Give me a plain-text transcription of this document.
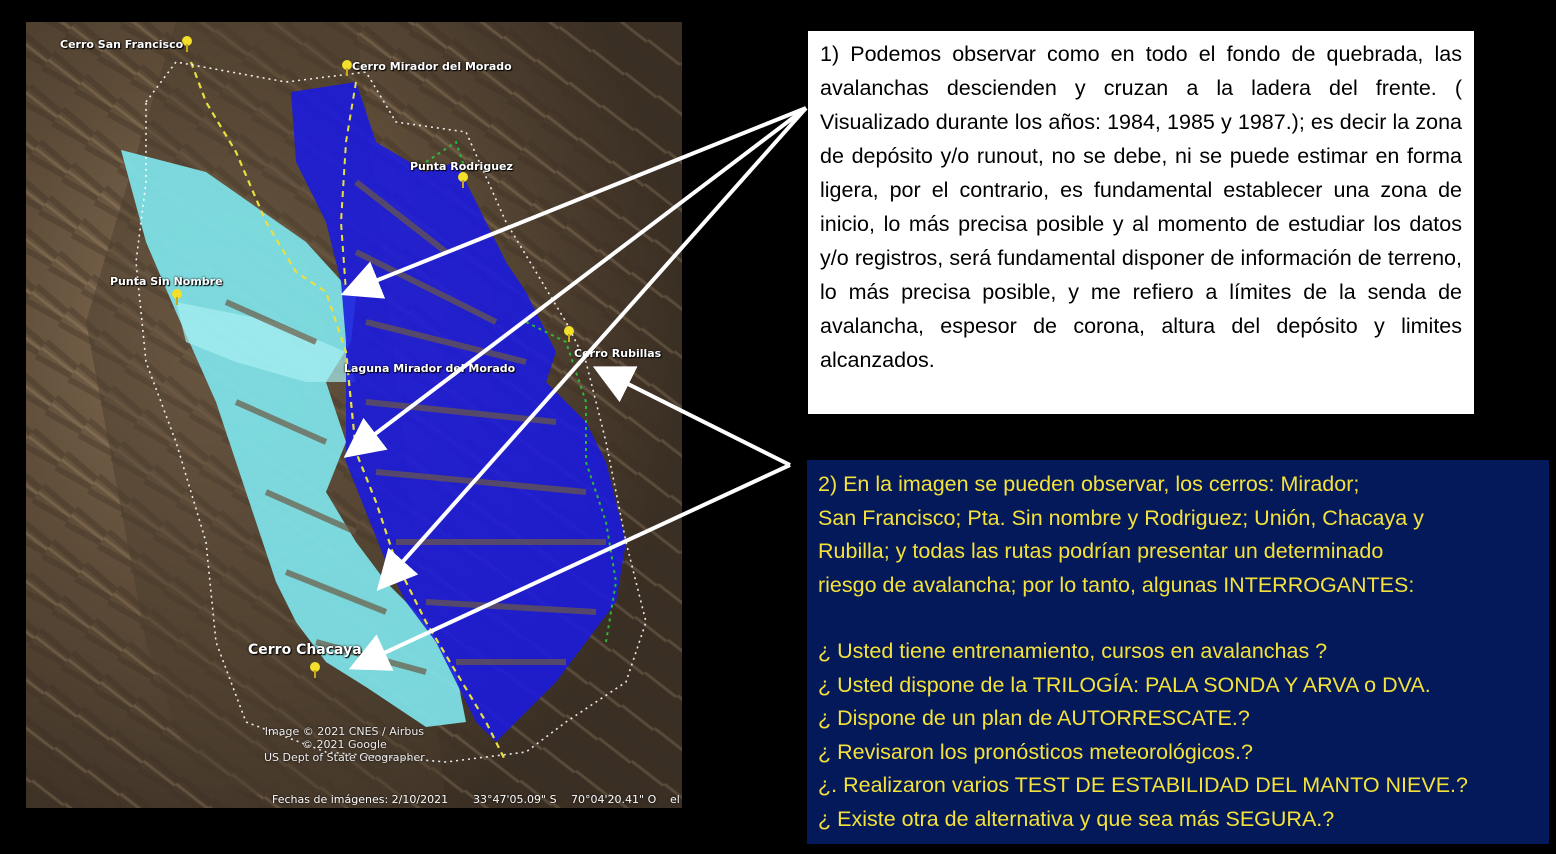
Cerro San Francisco
Cerro Mirador del Morado
Punta Rodriguez
Punta Sin Nombre
Cerro Rubillas
Laguna Mirador del Morado
Cerro Chacaya
Image © 2021 CNES / Airbus
© 2021 Google
US Dept of State Geographer
Fechas de imágenes: 2/10/2021 33°47'05.09" S 70°04'20.41" O el
1) Podemos observar como en todo el fondo de quebrada, las avalanchas descienden y cruzan a la ladera del frente. ( Visualizado durante los años: 1984, 1985 y 1987.); es decir la zona de depósito y/o runout, no se debe, ni se puede estimar en forma ligera, por el contrario, es fundamental establecer una zona de inicio, lo más precisa posible y al momento de estudiar los datos y/o registros, será fundamental disponer de información de terreno, lo más precisa posible, y me refiero a límites de la senda de avalancha, espesor de corona, altura del depósito y limites alcanzados.
2) En la imagen se pueden observar, los cerros: Mirador;
San Francisco; Pta. Sin nombre y Rodriguez; Unión, Chacaya y
Rubilla; y todas las rutas podrían presentar un determinado
riesgo de avalancha; por lo tanto, algunas INTERROGANTES:
¿ Usted tiene entrenamiento, cursos en avalanchas ?
¿ Usted dispone de la TRILOGÍA: PALA SONDA Y ARVA o DVA.
¿ Dispone de un plan de AUTORRESCATE.?
¿ Revisaron los pronósticos meteorológicos.?
¿. Realizaron varios TEST DE ESTABILIDAD DEL MANTO NIEVE.?
¿ Existe otra de alternativa y que sea más SEGURA.?
